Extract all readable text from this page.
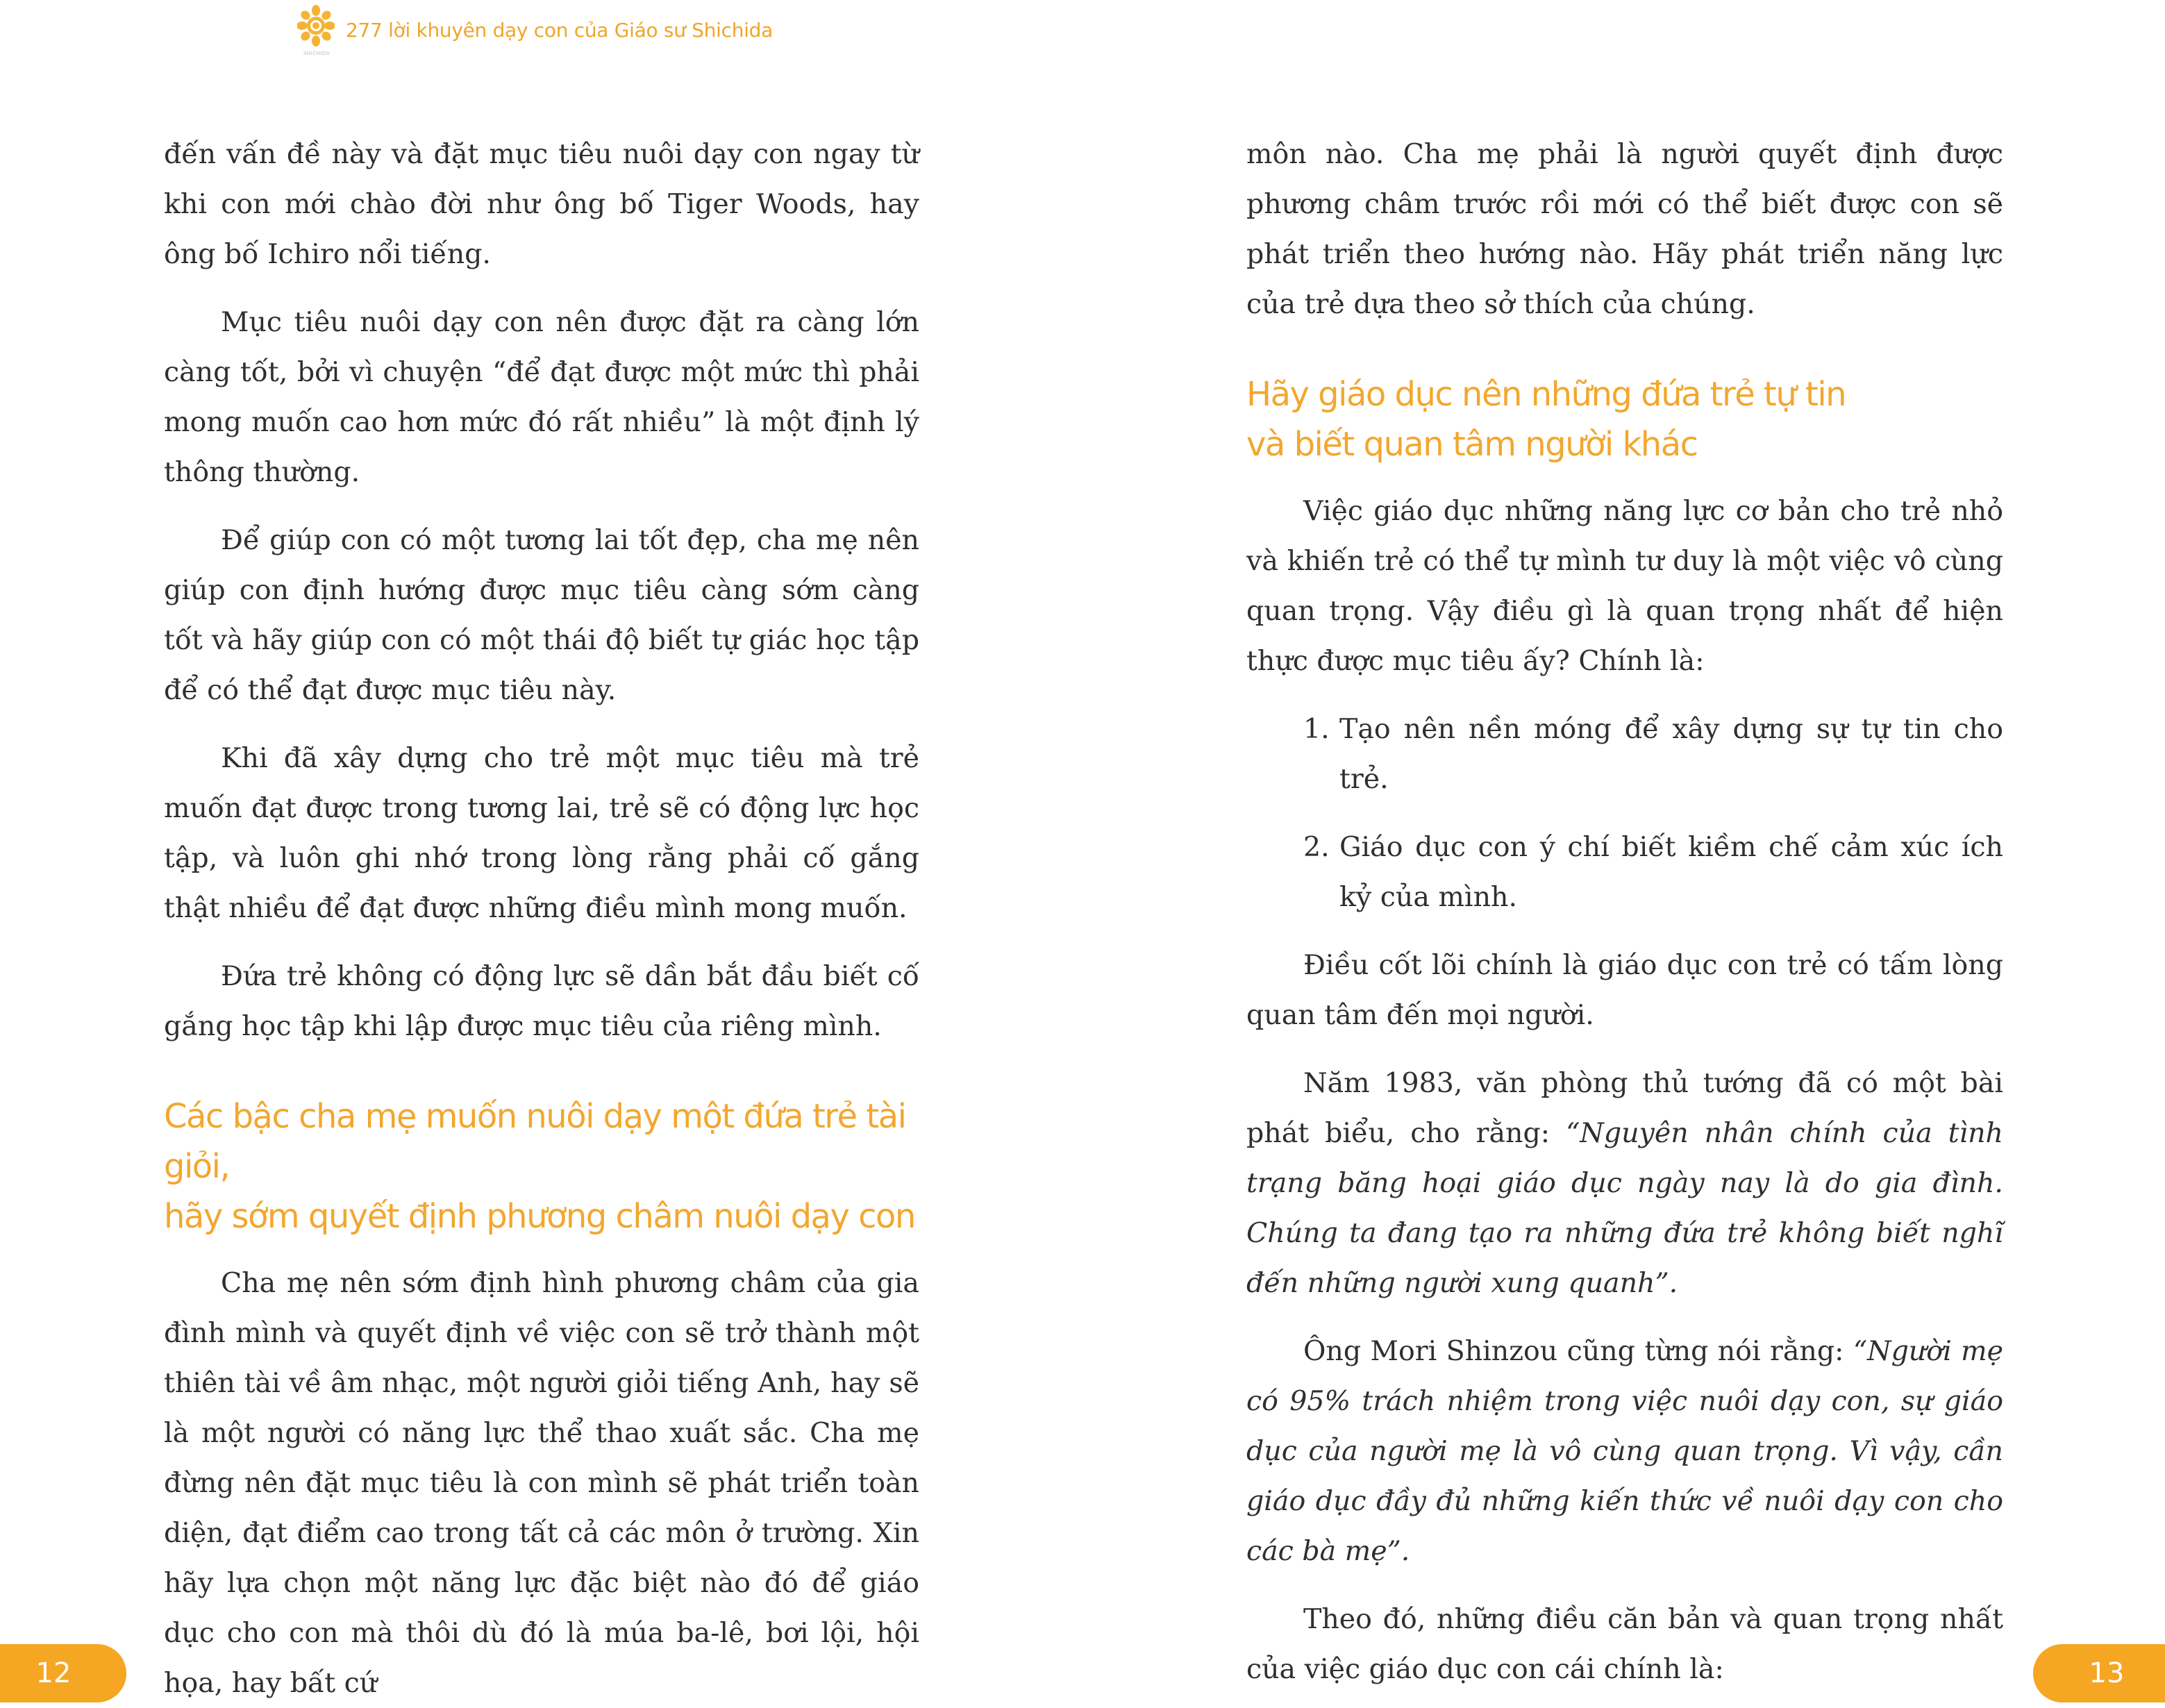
SHICHIDA
277 lời khuyên dạy con của Giáo sư Shichida

đến vấn đề này và đặt mục tiêu nuôi dạy con ngay từ khi con mới chào đời như ông bố Tiger Woods, hay ông bố Ichiro nổi tiếng.

Mục tiêu nuôi dạy con nên được đặt ra càng lớn càng tốt, bởi vì chuyện “để đạt được một mức thì phải mong muốn cao hơn mức đó rất nhiều” là một định lý thông thường.

Để giúp con có một tương lai tốt đẹp, cha mẹ nên giúp con định hướng được mục tiêu càng sớm càng tốt và hãy giúp con có một thái độ biết tự giác học tập để có thể đạt được mục tiêu này.

Khi đã xây dựng cho trẻ một mục tiêu mà trẻ muốn đạt được trong tương lai, trẻ sẽ có động lực học tập, và luôn ghi nhớ trong lòng rằng phải cố gắng thật nhiều để đạt được những điều mình mong muốn.

Đứa trẻ không có động lực sẽ dần bắt đầu biết cố gắng học tập khi lập được mục tiêu của riêng mình.

Các bậc cha mẹ muốn nuôi dạy một đứa trẻ tài giỏi,
hãy sớm quyết định phương châm nuôi dạy con

Cha mẹ nên sớm định hình phương châm của gia đình mình và quyết định về việc con sẽ trở thành một thiên tài về âm nhạc, một người giỏi tiếng Anh, hay sẽ là một người có năng lực thể thao xuất sắc. Cha mẹ đừng nên đặt mục tiêu là con mình sẽ phát triển toàn diện, đạt điểm cao trong tất cả các môn ở trường. Xin hãy lựa chọn một năng lực đặc biệt nào đó để giáo dục cho con mà thôi dù đó là múa ba-lê, bơi lội, hội họa, hay bất cứ

môn nào. Cha mẹ phải là người quyết định được phương châm trước rồi mới có thể biết được con sẽ phát triển theo hướng nào. Hãy phát triển năng lực của trẻ dựa theo sở thích của chúng.

Hãy giáo dục nên những đứa trẻ tự tin
và biết quan tâm người khác

Việc giáo dục những năng lực cơ bản cho trẻ nhỏ và khiến trẻ có thể tự mình tư duy là một việc vô cùng quan trọng. Vậy điều gì là quan trọng nhất để hiện thực được mục tiêu ấy? Chính là:

1. Tạo nên nền móng để xây dựng sự tự tin cho trẻ.
2. Giáo dục con ý chí biết kiềm chế cảm xúc ích kỷ của mình.

Điều cốt lõi chính là giáo dục con trẻ có tấm lòng quan tâm đến mọi người.

Năm 1983, văn phòng thủ tướng đã có một bài phát biểu, cho rằng: “Nguyên nhân chính của tình trạng băng hoại giáo dục ngày nay là do gia đình. Chúng ta đang tạo ra những đứa trẻ không biết nghĩ đến những người xung quanh”.

Ông Mori Shinzou cũng từng nói rằng: “Người mẹ có 95% trách nhiệm trong việc nuôi dạy con, sự giáo dục của người mẹ là vô cùng quan trọng. Vì vậy, cần giáo dục đầy đủ những kiến thức về nuôi dạy con cho các bà mẹ”.

Theo đó, những điều căn bản và quan trọng nhất của việc giáo dục con cái chính là:

12	13
